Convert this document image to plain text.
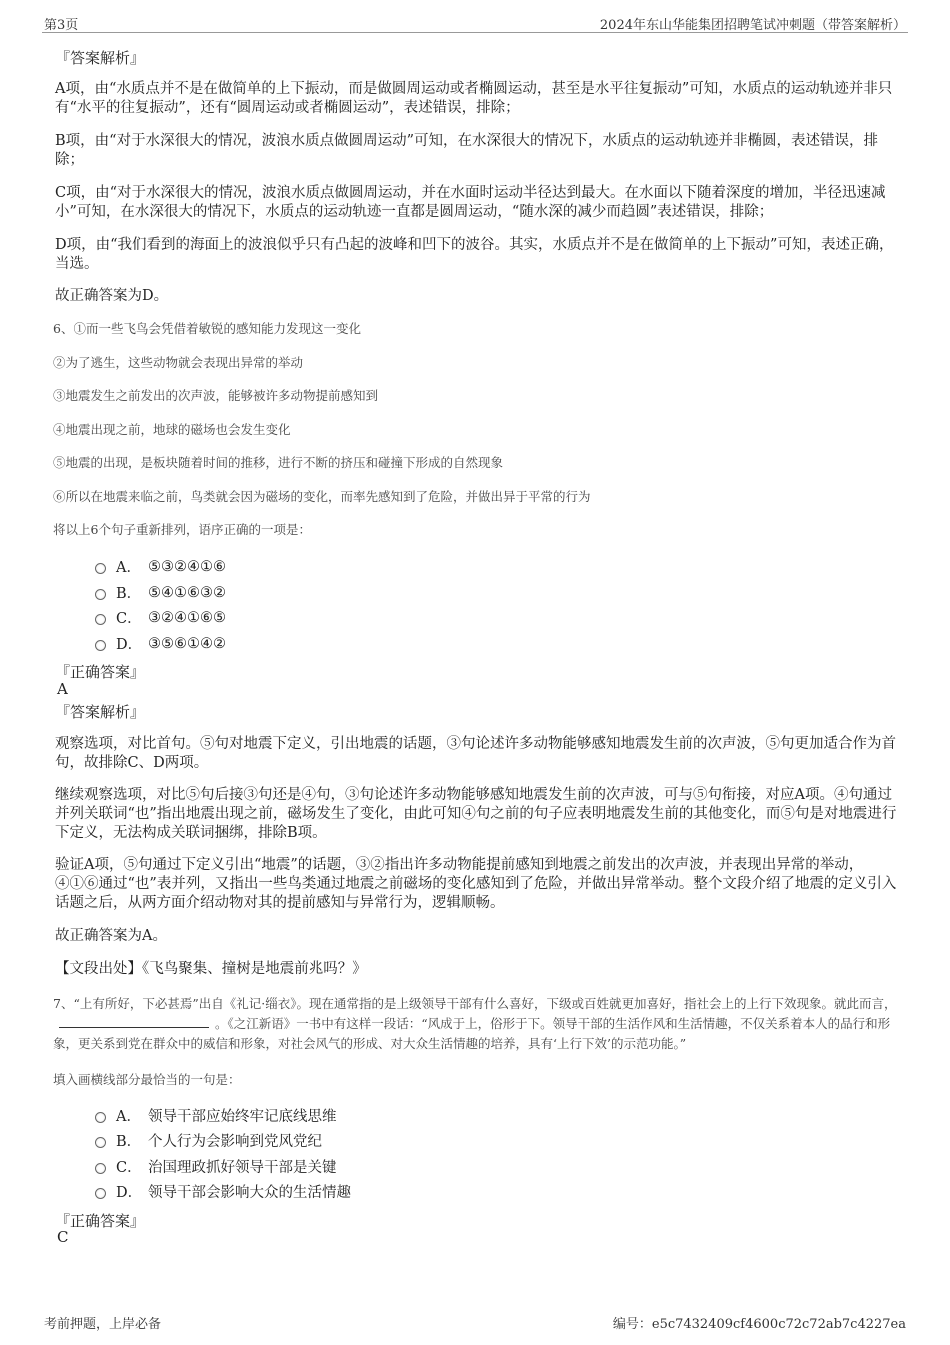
第3页	2024年东山华能集团招聘笔试冲刺题（带答案解析）
『答案解析』
A项，由“水质点并不是在做简单的上下振动，而是做圆周运动或者椭圆运动，甚至是水平往复振动”可知，水质点的运动轨迹并非只有“水平的往复振动”，还有“圆周运动或者椭圆运动”，表述错误，排除；
B项，由“对于水深很大的情况，波浪水质点做圆周运动”可知，在水深很大的情况下，水质点的运动轨迹并非椭圆，表述错误，排除；
C项，由“对于水深很大的情况，波浪水质点做圆周运动，并在水面时运动半径达到最大。在水面以下随着深度的增加，半径迅速减小”可知，在水深很大的情况下，水质点的运动轨迹一直都是圆周运动，“随水深的减少而趋圆”表述错误，排除；
D项，由“我们看到的海面上的波浪似乎只有凸起的波峰和凹下的波谷。其实，水质点并不是在做简单的上下振动”可知，表述正确，当选。
故正确答案为D。
6、①而一些飞鸟会凭借着敏锐的感知能力发现这一变化
②为了逃生，这些动物就会表现出异常的举动
③地震发生之前发出的次声波，能够被许多动物提前感知到
④地震出现之前，地球的磁场也会发生变化
⑤地震的出现，是板块随着时间的推移，进行不断的挤压和碰撞下形成的自然现象
⑥所以在地震来临之前，鸟类就会因为磁场的变化，而率先感知到了危险，并做出异于平常的行为
将以上6个句子重新排列，语序正确的一项是：
A． ⑤③②④①⑥
B． ⑤④①⑥③②
C． ③②④①⑥⑤
D． ③⑤⑥①④②
『正确答案』
A
『答案解析』
观察选项，对比首句。⑤句对地震下定义，引出地震的话题，③句论述许多动物能够感知地震发生前的次声波，⑤句更加适合作为首句，故排除C、D两项。
继续观察选项，对比⑤句后接③句还是④句，③句论述许多动物能够感知地震发生前的次声波，可与⑤句衔接，对应A项。④句通过并列关联词“也”指出地震出现之前，磁场发生了变化，由此可知④句之前的句子应表明地震发生前的其他变化，而⑤句是对地震进行下定义，无法构成关联词捆绑，排除B项。
验证A项，⑤句通过下定义引出“地震”的话题，③②指出许多动物能提前感知到地震之前发出的次声波，并表现出异常的举动，④①⑥通过“也”表并列，又指出一些鸟类通过地震之前磁场的变化感知到了危险，并做出异常举动。整个文段介绍了地震的定义引入话题之后，从两方面介绍动物对其的提前感知与异常行为，逻辑顺畅。
故正确答案为A。
【文段出处】《飞鸟聚集、撞树是地震前兆吗？》
7、“上有所好，下必甚焉”出自《礼记·缁衣》。现在通常指的是上级领导干部有什么喜好，下级或百姓就更加喜好，指社会上的上行下效现象。就此而言，。《之江新语》一书中有这样一段话：“风成于上，俗形于下。领导干部的生活作风和生活情趣，不仅关系着本人的品行和形象，更关系到党在群众中的威信和形象，对社会风气的形成、对大众生活情趣的培养，具有‘上行下效’的示范功能。”
填入画横线部分最恰当的一句是：
A． 领导干部应始终牢记底线思维
B． 个人行为会影响到党风党纪
C． 治国理政抓好领导干部是关键
D． 领导干部会影响大众的生活情趣
『正确答案』
C
考前押题，上岸必备	编号：e5c7432409cf4600c72c72ab7c4227ea
